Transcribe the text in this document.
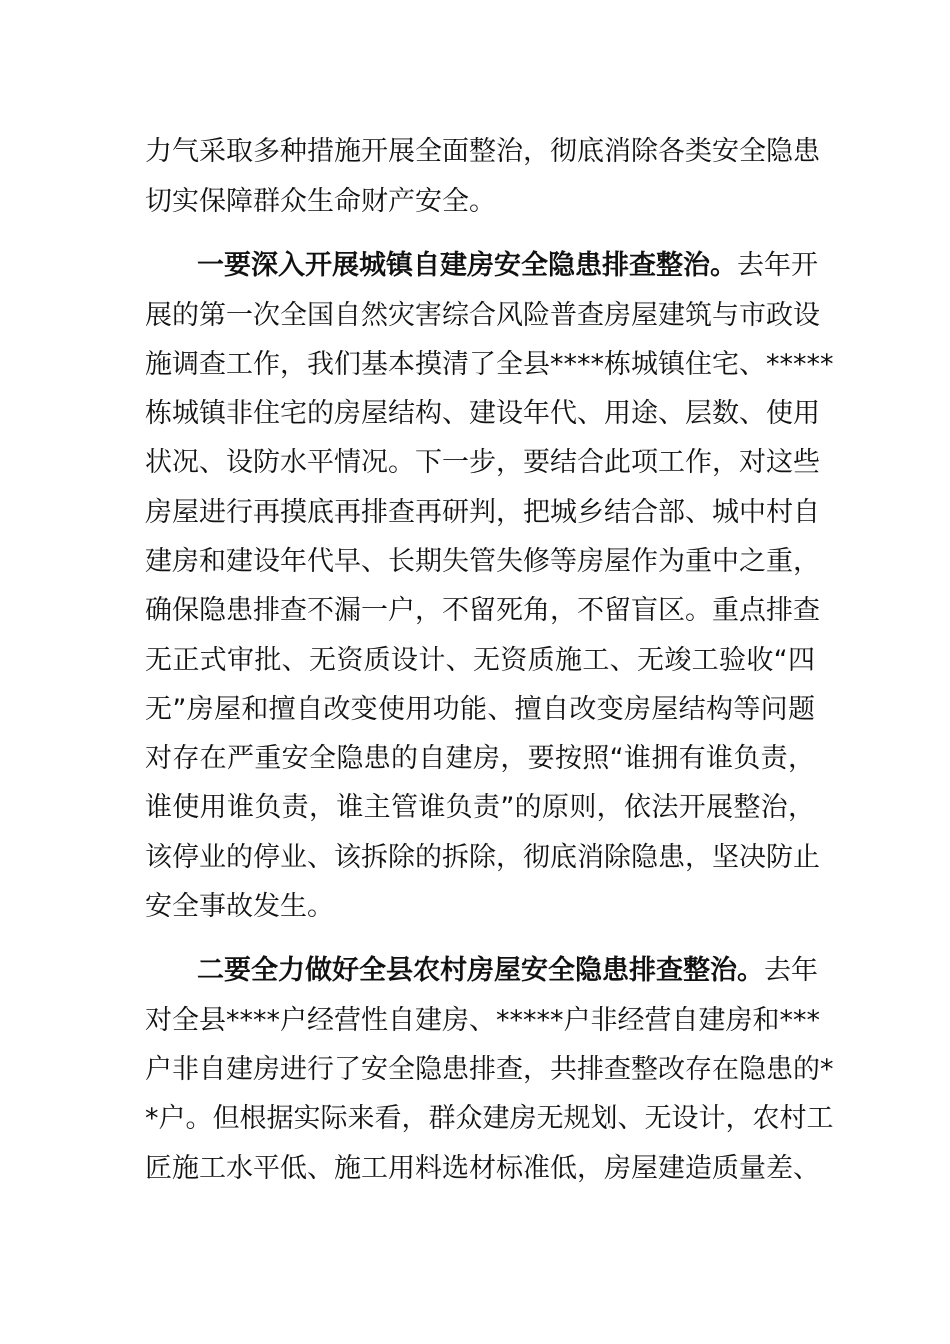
力气采取多种措施开展全面整治，彻底消除各类安全隐患
切实保障群众生命财产安全。
一要深入开展城镇自建房安全隐患排查整治。去年开
展的第一次全国自然灾害综合风险普查房屋建筑与市政设
施调查工作，我们基本摸清了全县****栋城镇住宅、*****
栋城镇非住宅的房屋结构、建设年代、用途、层数、使用
状况、设防水平情况。下一步，要结合此项工作，对这些
房屋进行再摸底再排查再研判，把城乡结合部、城中村自
建房和建设年代早、长期失管失修等房屋作为重中之重，
确保隐患排查不漏一户，不留死角，不留盲区。重点排查
无正式审批、无资质设计、无资质施工、无竣工验收“四
无”房屋和擅自改变使用功能、擅自改变房屋结构等问题
对存在严重安全隐患的自建房，要按照“谁拥有谁负责，
谁使用谁负责，谁主管谁负责”的原则，依法开展整治，
该停业的停业、该拆除的拆除，彻底消除隐患，坚决防止
安全事故发生。
二要全力做好全县农村房屋安全隐患排查整治。去年
对全县****户经营性自建房、*****户非经营自建房和***
户非自建房进行了安全隐患排查，共排查整改存在隐患的*
*户。但根据实际来看，群众建房无规划、无设计，农村工
匠施工水平低、施工用料选材标准低，房屋建造质量差、
